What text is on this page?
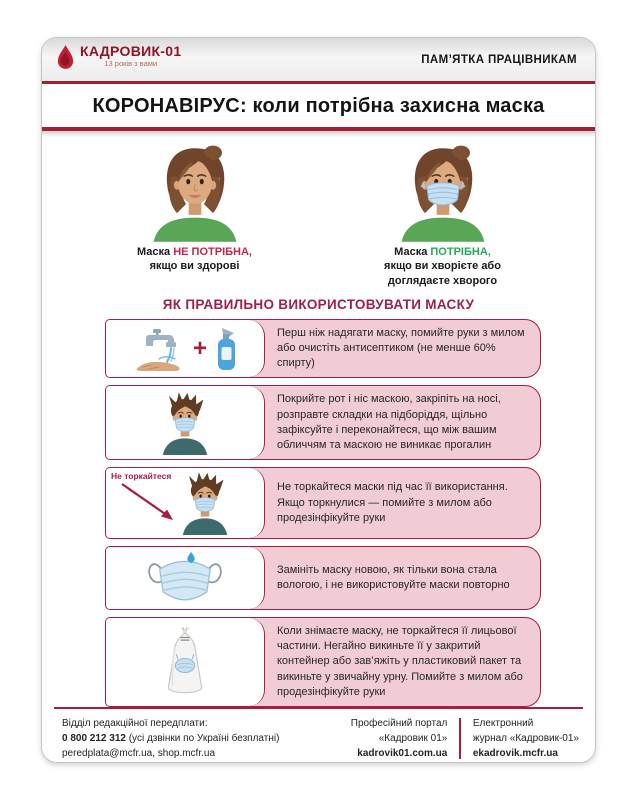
КАДРОВИК-01
13 років з вами	ПАМ’ЯТКА ПРАЦІВНИКАМ
КОРОНАВІРУС: коли потрібна захисна маска
Маска НЕ ПОТРІБНА,
якщо ви здорові
Маска ПОТРІБНА,
якщо ви хворієте або доглядаєте хворого
ЯК ПРАВИЛЬНО ВИКОРИСТОВУВАТИ МАСКУ
+
Перш ніж надягати маску, помийте руки з милом або очистіть антисептиком (не менше 60% спирту)
Покрийте рот і ніс маскою, закріпіть на носі, розправте складки на підборіддя, щільно зафіксуйте і переконайтеся, що між вашим обличчям та маскою не виникає прогалин
Не торкайтеся
Не торкайтеся маски під час її використання. Якщо торкнулися — помийте з милом або продезінфікуйте руки
Замініть маску новою, як тільки вона стала вологою, і не використовуйте маски повторно
Коли знімаєте маску, не торкайтеся її лицьової частини. Негайно викиньте її у закритий контейнер або зав’яжіть у пластиковий пакет та викиньте у звичайну урну. Помийте з милом або продезінфікуйте руки
Відділ редакційної передплати:
0 800 212 312 (усі дзвінки по Україні безплатні)
peredplata@mcfr.ua, shop.mcfr.ua
Професійний портал
«Кадровик 01»
kadrovik01.com.ua
Електронний
журнал «Кадровик-01»
ekadrovik.mcfr.ua
